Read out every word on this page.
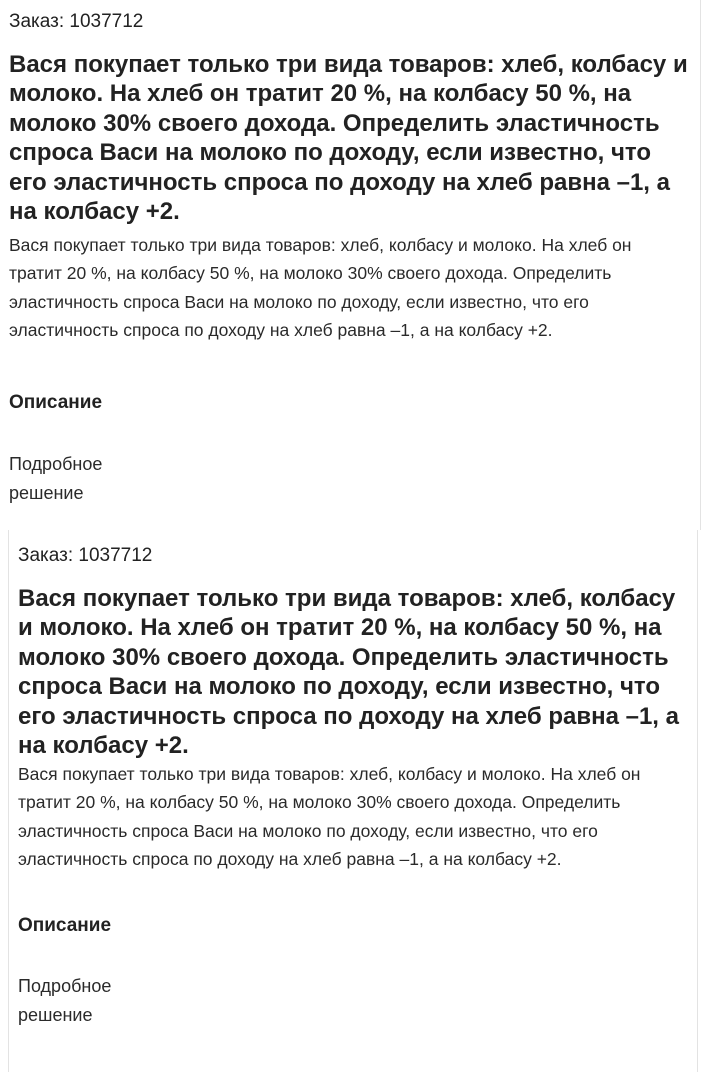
Заказ: 1037712
Вася покупает только три вида товаров: хлеб, колбасу и молоко. На хлеб он тратит 20 %, на колбасу 50 %, на молоко 30% своего дохода. Определить эластичность спроса Васи на молоко по доходу, если известно, что его эластичность спроса по доходу на хлеб равна –1, а на колбасу +2.

Вася покупает только три вида товаров: хлеб, колбасу и молоко. На хлеб он тратит 20 %, на колбасу 50 %, на молоко 30% своего дохода. Определить эластичность спроса Васи на молоко по доходу, если известно, что его эластичность спроса по доходу на хлеб равна –1, а на колбасу +2.

Описание
Подробное решение
Заказ: 1037712
Вася покупает только три вида товаров: хлеб, колбасу и молоко. На хлеб он тратит 20 %, на колбасу 50 %, на молоко 30% своего дохода. Определить эластичность спроса Васи на молоко по доходу, если известно, что его эластичность спроса по доходу на хлеб равна –1, а на колбасу +2.

Вася покупает только три вида товаров: хлеб, колбасу и молоко. На хлеб он тратит 20 %, на колбасу 50 %, на молоко 30% своего дохода. Определить эластичность спроса Васи на молоко по доходу, если известно, что его эластичность спроса по доходу на хлеб равна –1, а на колбасу +2.

Описание
Подробное решение
